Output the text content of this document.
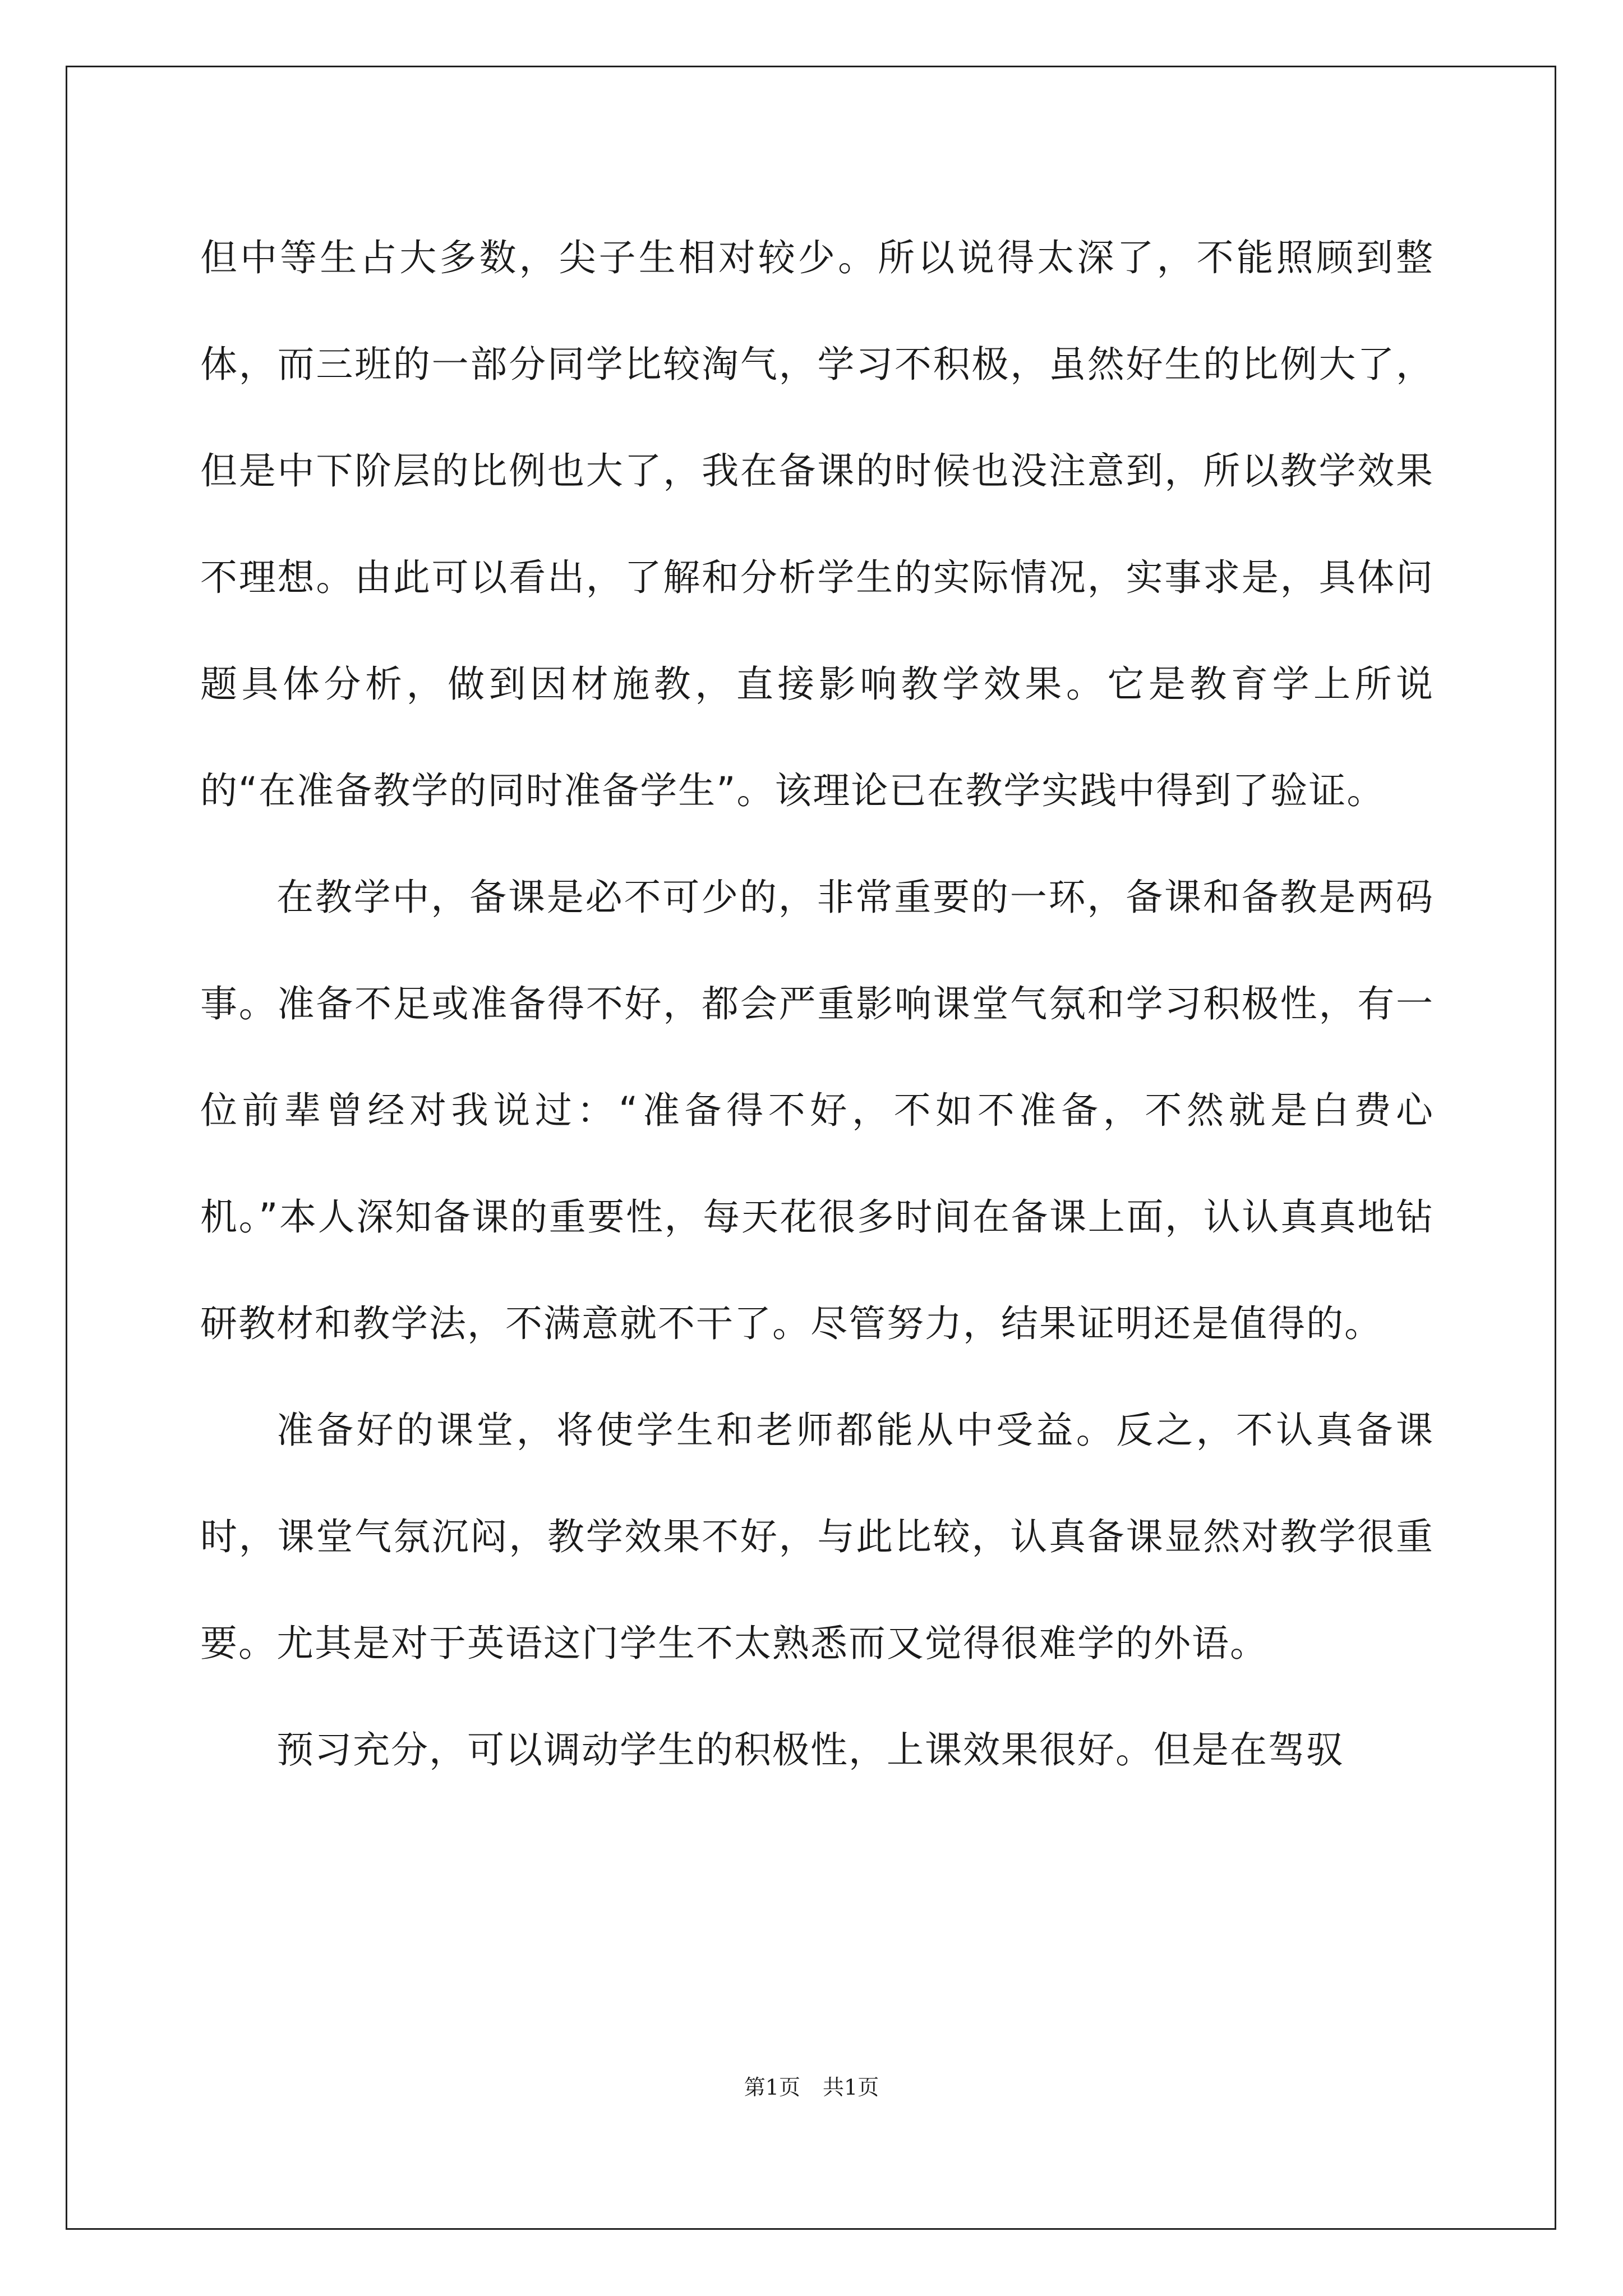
但中等生占大多数，尖子生相对较少。所以说得太深了，不能照顾到整体，而三班的一部分同学比较淘气，学习不积极，虽然好生的比例大了，但是中下阶层的比例也大了，我在备课的时候也没注意到，所以教学效果不理想。由此可以看出，了解和分析学生的实际情况，实事求是，具体问题具体分析，做到因材施教，直接影响教学效果。它是教育学上所说的“在准备教学的同时准备学生”。该理论已在教学实践中得到了验证。

在教学中，备课是必不可少的，非常重要的一环，备课和备教是两码事。准备不足或准备得不好，都会严重影响课堂气氛和学习积极性，有一位前辈曾经对我说过：“准备得不好，不如不准备，不然就是白费心机。”本人深知备课的重要性，每天花很多时间在备课上面，认认真真地钻研教材和教学法，不满意就不干了。尽管努力，结果证明还是值得的。

准备好的课堂，将使学生和老师都能从中受益。反之，不认真备课时，课堂气氛沉闷，教学效果不好，与此比较，认真备课显然对教学很重要。尤其是对于英语这门学生不太熟悉而又觉得很难学的外语。

预习充分，可以调动学生的积极性，上课效果很好。但是在驾驭

第1页 共1页
